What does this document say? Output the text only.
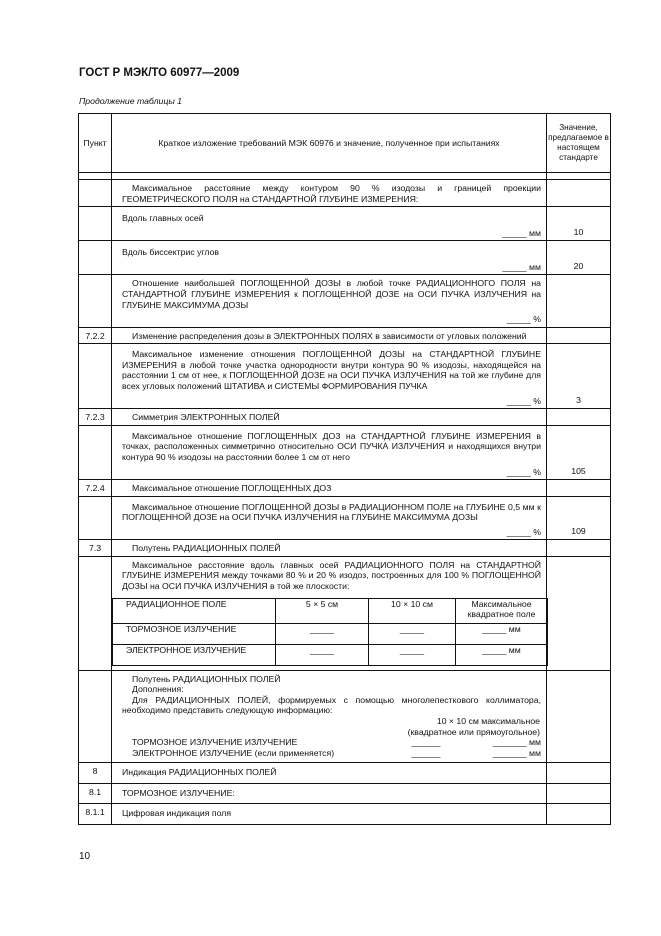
ГОСТ Р МЭК/ТО 60977—2009
Продолжение таблицы 1
Пункт	Краткое изложение требований МЭК 60976 и значение, полученное при испытаниях	Значение, предлагаемое в настоящем стандарте

Максимальное расстояние между контуром 90 % изодозы и границей проекции ГЕОМЕТРИЧЕСКОГО ПОЛЯ на СТАНДАРТНОЙ ГЛУБИНЕ ИЗМЕРЕНИЯ:

Вдоль главных осей
_____ мм	10

Вдоль биссектрис углов
_____ мм	20

Отношение наибольшей ПОГЛОЩЕННОЙ ДОЗЫ в любой точке РАДИАЦИОННОГО ПОЛЯ на СТАНДАРТНОЙ ГЛУБИНЕ ИЗМЕРЕНИЯ к ПОГЛОЩЕННОЙ ДОЗЕ на ОСИ ПУЧКА ИЗЛУЧЕНИЯ на ГЛУБИНЕ МАКСИМУМА ДОЗЫ
_____ %

7.2.2	Изменение распределения дозы в ЭЛЕКТРОННЫХ ПОЛЯХ в зависимости от угловых положений

Максимальное изменение отношения ПОГЛОЩЕННОЙ ДОЗЫ на СТАНДАРТНОЙ ГЛУБИНЕ ИЗМЕРЕНИЯ в любой точке участка однородности внутри контура 90 % изодозы, находящейся на расстоянии 1 см от нее, к ПОГЛОЩЕННОЙ ДОЗЕ на ОСИ ПУЧКА ИЗЛУЧЕНИЯ на той же глубине для всех угловых положений ШТАТИВА и СИСТЕМЫ ФОРМИРОВАНИЯ ПУЧКА
_____ %	3
7.2.3	Симметрия ЭЛЕКТРОННЫХ ПОЛЕЙ

Максимальное отношение ПОГЛОЩЕННЫХ ДОЗ на СТАНДАРТНОЙ ГЛУБИНЕ ИЗМЕРЕНИЯ в точках, расположенных симметрично относительно ОСИ ПУЧКА ИЗЛУЧЕНИЯ и находящихся внутри контура 90 % изодозы на расстоянии более 1 см от него
_____ %	105
7.2.4	Максимальное отношение ПОГЛОЩЕННЫХ ДОЗ

Максимальное отношение ПОГЛОЩЕННОЙ ДОЗЫ в РАДИАЦИОННОМ ПОЛЕ на ГЛУБИНЕ 0,5 мм к ПОГЛОЩЕННОЙ ДОЗЕ на ОСИ ПУЧКА ИЗЛУЧЕНИЯ на ГЛУБИНЕ МАКСИМУМА ДОЗЫ
_____ %	109
7.3	Полутень РАДИАЦИОННЫХ ПОЛЕЙ

Максимальное расстояние вдоль главных осей РАДИАЦИОННОГО ПОЛЯ на СТАНДАРТНОЙ ГЛУБИНЕ ИЗМЕРЕНИЯ между точками 80 % и 20 % изодоз, построенных для 100 % ПОГЛОЩЕННОЙ ДОЗЫ на ОСИ ПУЧКА ИЗЛУЧЕНИЯ в той же плоскости:
РАДИАЦИОННОЕ ПОЛЕ	5 × 5 см	10 × 10 см	Максимальное квадратное поле
ТОРМОЗНОЕ ИЗЛУЧЕНИЕ	_____	_____	_____ мм
ЭЛЕКТРОННОЕ ИЗЛУЧЕНИЕ	_____	_____	_____ мм

Полутень РАДИАЦИОННЫХ ПОЛЕЙ
Дополнения:
Для РАДИАЦИОННЫХ ПОЛЕЙ, формируемых с помощью многолепесткового коллиматора, необходимо представить следующую информацию:
10 × 10 см максимальное
(квадратное или прямоугольное)
ТОРМОЗНОЕ ИЗЛУЧЕНИЕ ИЗЛУЧЕНИЕ	______	_______ мм
ЭЛЕКТРОННОЕ ИЗЛУЧЕНИЕ (если применяется)	______	_______ мм

8	Индикация РАДИАЦИОННЫХ ПОЛЕЙ

8.1	ТОРМОЗНОЕ ИЗЛУЧЕНИЕ:

8.1.1	Цифровая индикация поля

10
